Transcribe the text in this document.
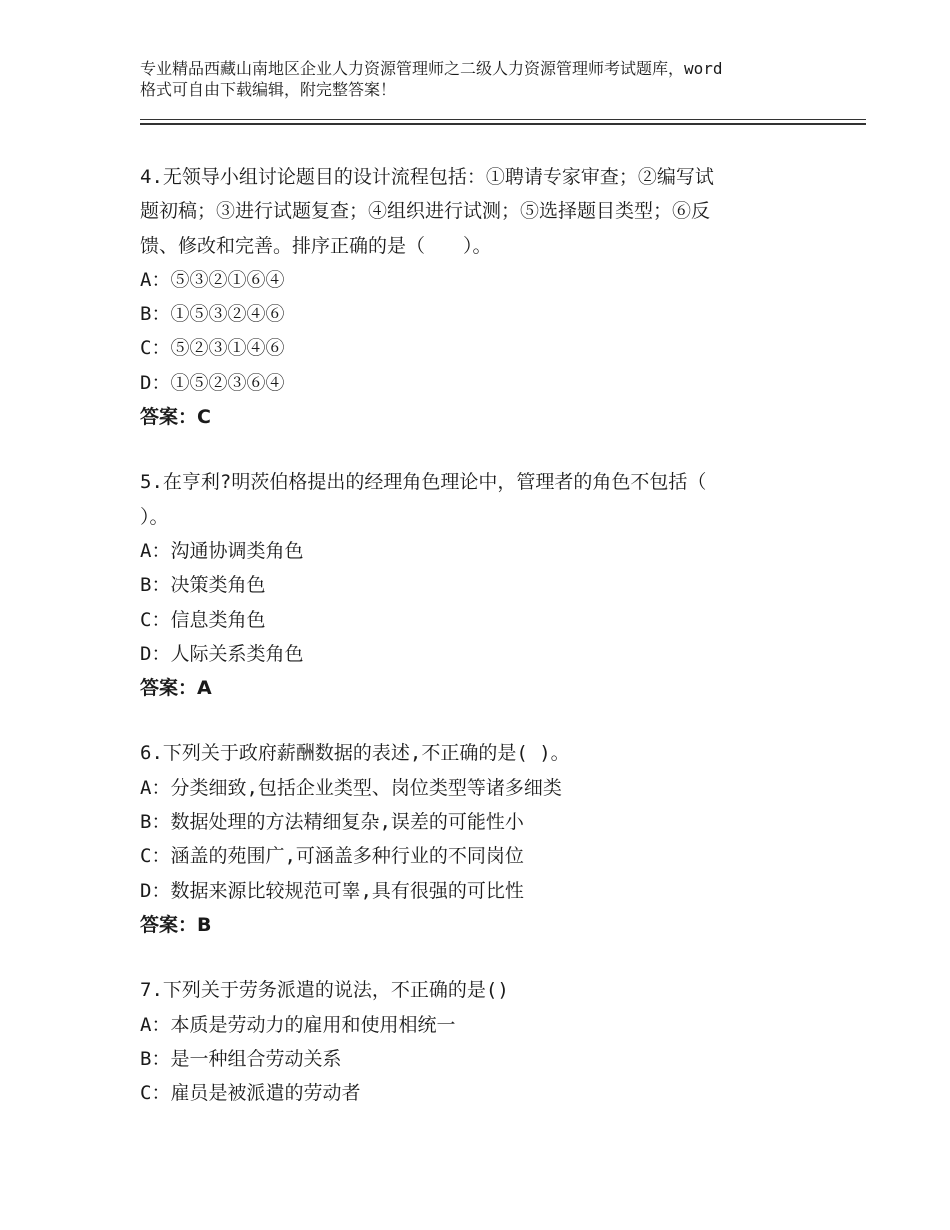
专业精品西藏山南地区企业人力资源管理师之二级人力资源管理师考试题库，word
格式可自由下载编辑，附完整答案！
4.无领导小组讨论题目的设计流程包括：①聘请专家审查；②编写试
题初稿；③进行试题复查；④组织进行试测；⑤选择题目类型；⑥反
馈、修改和完善。排序正确的是（　　）。
A：⑤③②①⑥④
B：①⑤③②④⑥
C：⑤②③①④⑥
D：①⑤②③⑥④
答案：C
5.在亨利?明茨伯格提出的经理角色理论中，管理者的角色不包括（
）。
A：沟通协调类角色
B：决策类角色
C：信息类角色
D：人际关系类角色
答案：A
6.下列关于政府薪酬数据的表述,不正确的是( )。
A：分类细致,包括企业类型、岗位类型等诸多细类
B：数据处理的方法精细复杂,误差的可能性小
C：涵盖的苑围广,可涵盖多种行业的不同岗位
D：数据来源比较规范可睾,具有很强的可比性
答案：B
7.下列关于劳务派遣的说法，不正确的是()
A：本质是劳动力的雇用和使用相统一
B：是一种组合劳动关系
C：雇员是被派遣的劳动者
